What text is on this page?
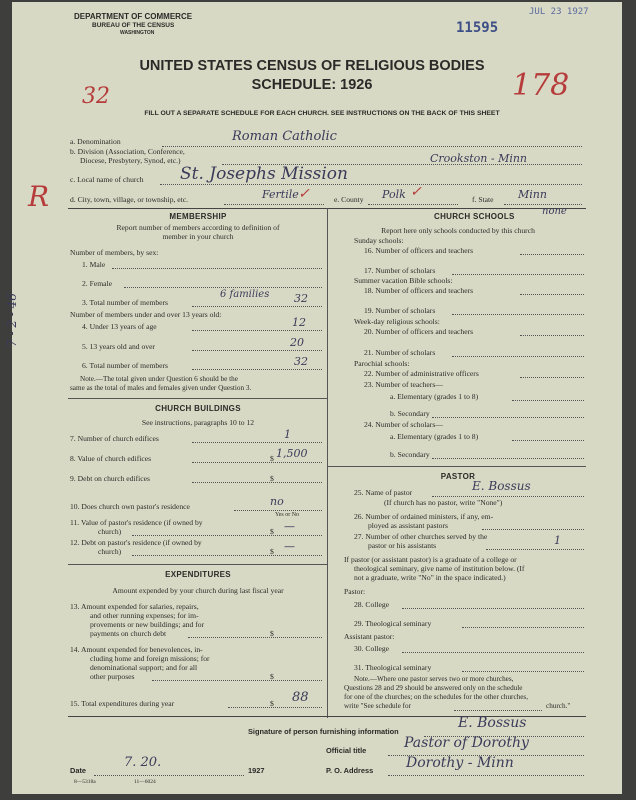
DEPARTMENT OF COMMERCE
BUREAU OF THE CENSUS
WASHINGTON	11595
JUL 23 1927
UNITED STATES CENSUS OF RELIGIOUS BODIES
SCHEDULE: 1926
32	178
FILL OUT A SEPARATE SCHEDULE FOR EACH CHURCH. SEE INSTRUCTIONS ON THE BACK OF THIS SHEET
R
7 - 2 - 46
a. Denomination	Roman Catholic
b. Division (Association, Conference,
Diocese, Presbytery, Synod, etc.)	Crookston - Minn
c. Local name of church St. Josephs Mission
d. City, town, village, or township, etc.	Fertile	e. County Polk	f. State Minn
MEMBERSHIP
Report number of members according to definition of
member in your church
Number of members, by sex:
1. Male
2. Female
3. Total number of members
6 families 32
Number of members under and over 13 years old:
4. Under 13 years of age	12
5. 13 years old and over	20
6. Total number of members	32
Note.—The total given under Question 6 should be the
same as the total of males and females given under Question 3.
CHURCH BUILDINGS
See instructions, paragraphs 10 to 12
7. Number of church edifices	1
8. Value of church edifices	$ 1,500
9. Debt on church edifices	$
10. Does church own pastor's residence	no
Yes or No
11. Value of pastor's residence (if owned by
church)	$ —
12. Debt on pastor's residence (if owned by
church)	$ —
EXPENDITURES
Amount expended by your church during last fiscal year
13. Amount expended for salaries, repairs,
and other running expenses; for im-
provements or new buildings; and for
payments on church debt	$
14. Amount expended for benevolences, in-
cluding home and foreign missions; for
denominational support; and for all
other purposes	$
15. Total expenditures during year	$ 88
CHURCH SCHOOLS	none
Report here only schools conducted by this church
Sunday schools:
16. Number of officers and teachers
17. Number of scholars
Summer vacation Bible schools:
18. Number of officers and teachers
19. Number of scholars
Week-day religious schools:
20. Number of officers and teachers
21. Number of scholars
Parochial schools:
22. Number of administrative officers
23. Number of teachers—
a. Elementary (grades 1 to 8)
b. Secondary
24. Number of scholars—
a. Elementary (grades 1 to 8)
b. Secondary
PASTOR
25. Name of pastor	E. Bossus
(If church has no pastor, write "None")
26. Number of ordained ministers, if any, em-
ployed as assistant pastors
27. Number of other churches served by the
pastor or his assistants	1
If pastor (or assistant pastor) is a graduate of a college or
theological seminary, give name of institution below. (If
not a graduate, write "No" in the space indicated.)
Pastor:
28. College
29. Theological seminary
Assistant pastor:
30. College
31. Theological seminary
Note.—Where one pastor serves two or more churches,
Questions 28 and 29 should be answered only on the schedule
for one of the churches; on the schedules for the other churches,
write "See schedule for	church."
Signature of person furnishing information
E. Bossus
Official title	Pastor of Dorothy
Date
7. 20.
1927	P. O. Address Dorothy - Minn
8—5318a	11—6024
✓	✓
